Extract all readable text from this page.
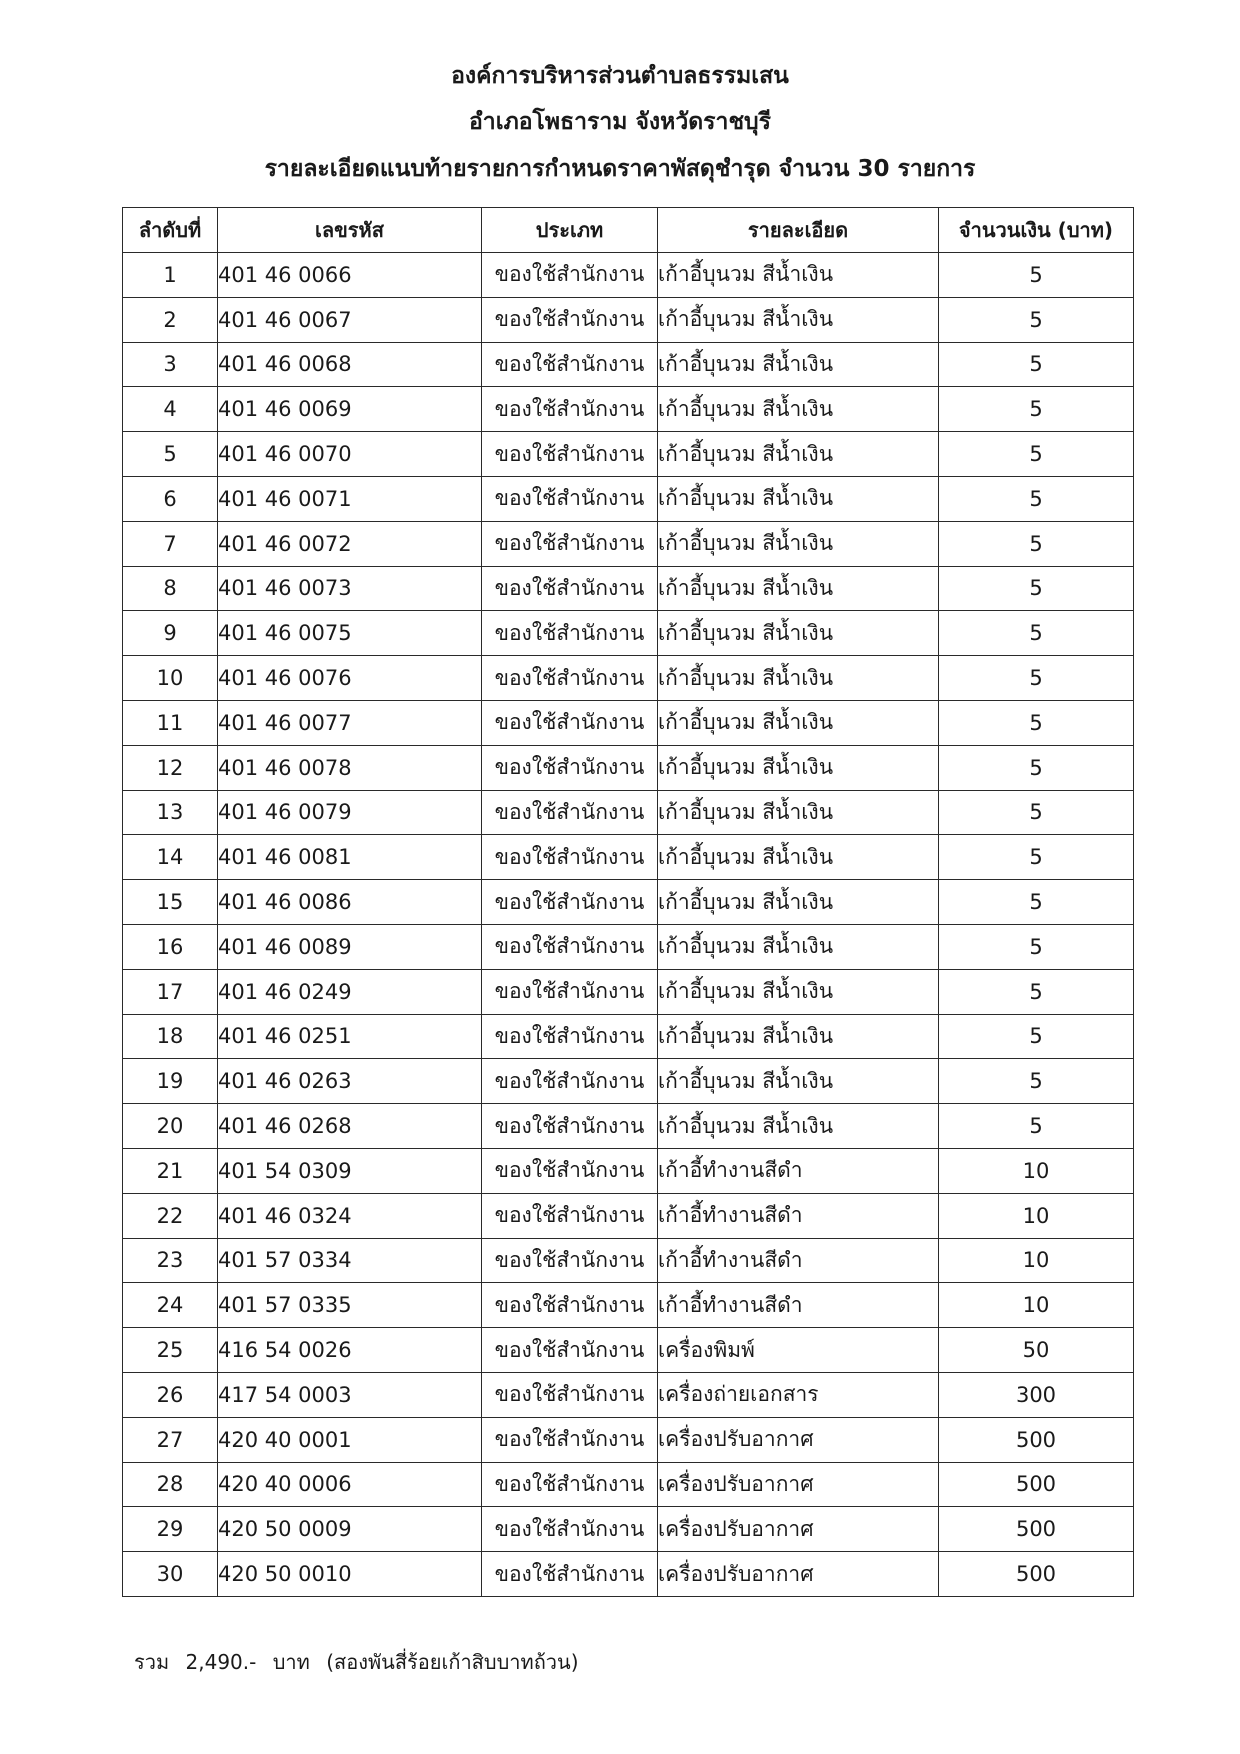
องค์การบริหารส่วนตำบลธรรมเสน
อำเภอโพธาราม จังหวัดราชบุรี
รายละเอียดแนบท้ายรายการกำหนดราคาพัสดุชำรุด จำนวน 30 รายการ
ลำดับที่	เลขรหัส	ประเภท	รายละเอียด	จำนวนเงิน (บาท)
1	401 46 0066	ของใช้สำนักงาน	เก้าอี้บุนวม สีน้ำเงิน	5
2	401 46 0067	ของใช้สำนักงาน	เก้าอี้บุนวม สีน้ำเงิน	5
3	401 46 0068	ของใช้สำนักงาน	เก้าอี้บุนวม สีน้ำเงิน	5
4	401 46 0069	ของใช้สำนักงาน	เก้าอี้บุนวม สีน้ำเงิน	5
5	401 46 0070	ของใช้สำนักงาน	เก้าอี้บุนวม สีน้ำเงิน	5
6	401 46 0071	ของใช้สำนักงาน	เก้าอี้บุนวม สีน้ำเงิน	5
7	401 46 0072	ของใช้สำนักงาน	เก้าอี้บุนวม สีน้ำเงิน	5
8	401 46 0073	ของใช้สำนักงาน	เก้าอี้บุนวม สีน้ำเงิน	5
9	401 46 0075	ของใช้สำนักงาน	เก้าอี้บุนวม สีน้ำเงิน	5
10	401 46 0076	ของใช้สำนักงาน	เก้าอี้บุนวม สีน้ำเงิน	5
11	401 46 0077	ของใช้สำนักงาน	เก้าอี้บุนวม สีน้ำเงิน	5
12	401 46 0078	ของใช้สำนักงาน	เก้าอี้บุนวม สีน้ำเงิน	5
13	401 46 0079	ของใช้สำนักงาน	เก้าอี้บุนวม สีน้ำเงิน	5
14	401 46 0081	ของใช้สำนักงาน	เก้าอี้บุนวม สีน้ำเงิน	5
15	401 46 0086	ของใช้สำนักงาน	เก้าอี้บุนวม สีน้ำเงิน	5
16	401 46 0089	ของใช้สำนักงาน	เก้าอี้บุนวม สีน้ำเงิน	5
17	401 46 0249	ของใช้สำนักงาน	เก้าอี้บุนวม สีน้ำเงิน	5
18	401 46 0251	ของใช้สำนักงาน	เก้าอี้บุนวม สีน้ำเงิน	5
19	401 46 0263	ของใช้สำนักงาน	เก้าอี้บุนวม สีน้ำเงิน	5
20	401 46 0268	ของใช้สำนักงาน	เก้าอี้บุนวม สีน้ำเงิน	5
21	401 54 0309	ของใช้สำนักงาน	เก้าอี้ทำงานสีดำ	10
22	401 46 0324	ของใช้สำนักงาน	เก้าอี้ทำงานสีดำ	10
23	401 57 0334	ของใช้สำนักงาน	เก้าอี้ทำงานสีดำ	10
24	401 57 0335	ของใช้สำนักงาน	เก้าอี้ทำงานสีดำ	10
25	416 54 0026	ของใช้สำนักงาน	เครื่องพิมพ์	50
26	417 54 0003	ของใช้สำนักงาน	เครื่องถ่ายเอกสาร	300
27	420 40 0001	ของใช้สำนักงาน	เครื่องปรับอากาศ	500
28	420 40 0006	ของใช้สำนักงาน	เครื่องปรับอากาศ	500
29	420 50 0009	ของใช้สำนักงาน	เครื่องปรับอากาศ	500
30	420 50 0010	ของใช้สำนักงาน	เครื่องปรับอากาศ	500
รวม 2,490.- บาท (สองพันสี่ร้อยเก้าสิบบาทถ้วน)
